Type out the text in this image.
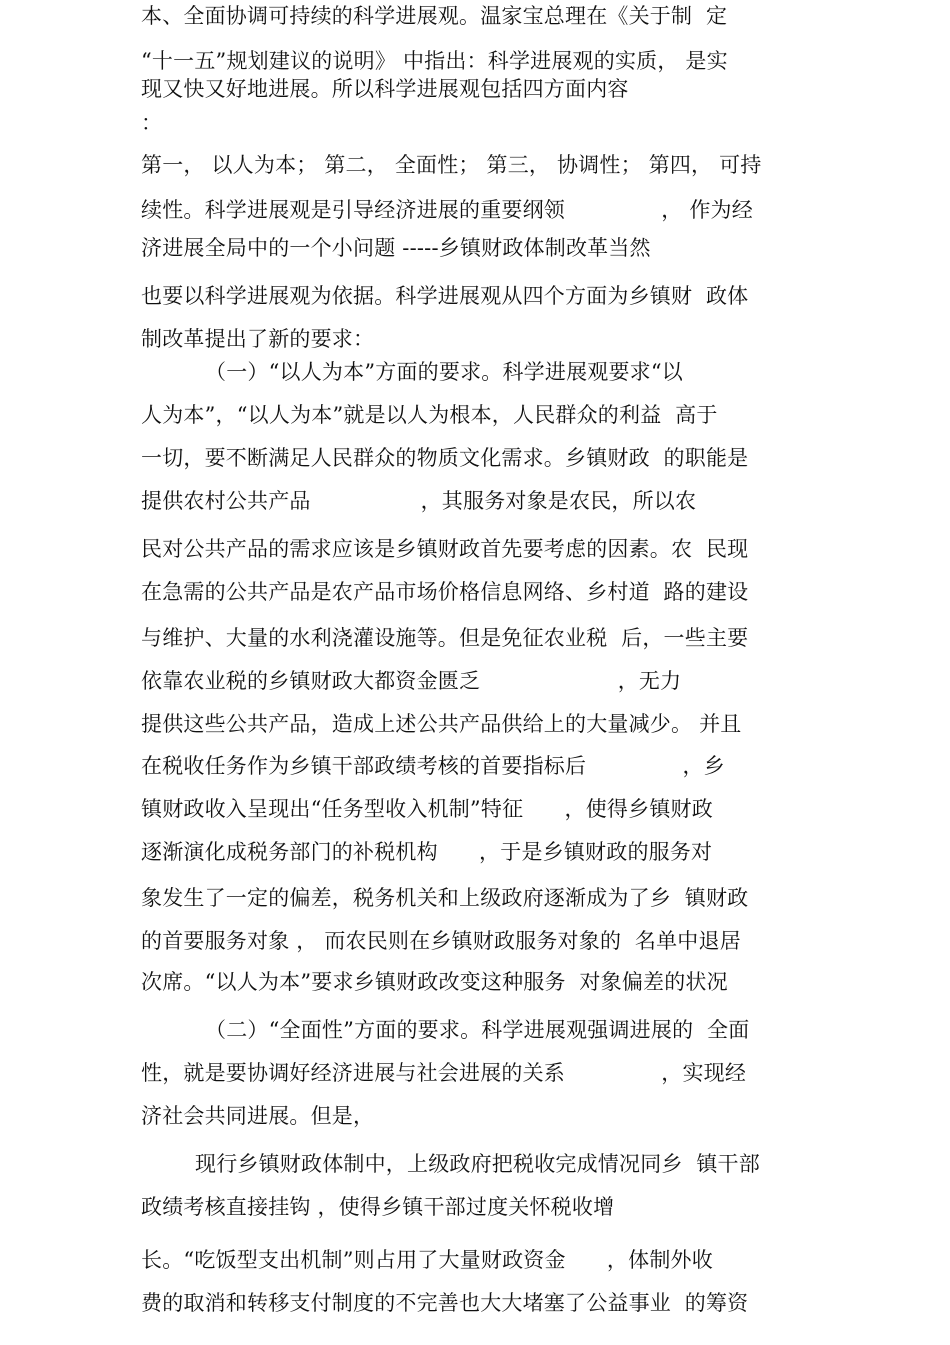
本、全面协调可持续的科学进展观。温家宝总理在《关于制  定
“十一五”规划建议的说明》 中指出：科学进展观的实质， 是实
现又快又好地进展。所以科学进展观包括四方面内容
：
第一， 以人为本； 第二， 全面性； 第三， 协调性； 第四， 可持
续性。科学进展观是引导经济进展的重要纲领              ， 作为经
济进展全局中的一个小问题 -----乡镇财政体制改革当然
也要以科学进展观为依据。科学进展观从四个方面为乡镇财  政体
制改革提出了新的要求：
（一）“以人为本”方面的要求。科学进展观要求“以
人为本”，“以人为本”就是以人为根本，人民群众的利益  高于
一切，要不断满足人民群众的物质文化需求。乡镇财政  的职能是
提供农村公共产品                ，其服务对象是农民，所以农
民对公共产品的需求应该是乡镇财政首先要考虑的因素。农  民现
在急需的公共产品是农产品市场价格信息网络、乡村道  路的建设
与维护、大量的水利浇灌设施等。但是免征农业税  后，一些主要
依靠农业税的乡镇财政大都资金匮乏                    ，无力
提供这些公共产品，造成上述公共产品供给上的大量减少。 并且
在税收任务作为乡镇干部政绩考核的首要指标后              ，乡
镇财政收入呈现出“任务型收入机制”特征      ，使得乡镇财政
逐渐演化成税务部门的补税机构      ，于是乡镇财政的服务对
象发生了一定的偏差，税务机关和上级政府逐渐成为了乡  镇财政
的首要服务对象 ， 而农民则在乡镇财政服务对象的  名单中退居
次席。“以人为本”要求乡镇财政改变这种服务  对象偏差的状况
（二）“全面性”方面的要求。科学进展观强调进展的  全面
性，就是要协调好经济进展与社会进展的关系              ，实现经
济社会共同进展。但是，
现行乡镇财政体制中，上级政府把税收完成情况同乡  镇干部
政绩考核直接挂钩 ，使得乡镇干部过度关怀税收增
长。“吃饭型支出机制”则占用了大量财政资金      ，体制外收
费的取消和转移支付制度的不完善也大大堵塞了公益事业  的筹资
